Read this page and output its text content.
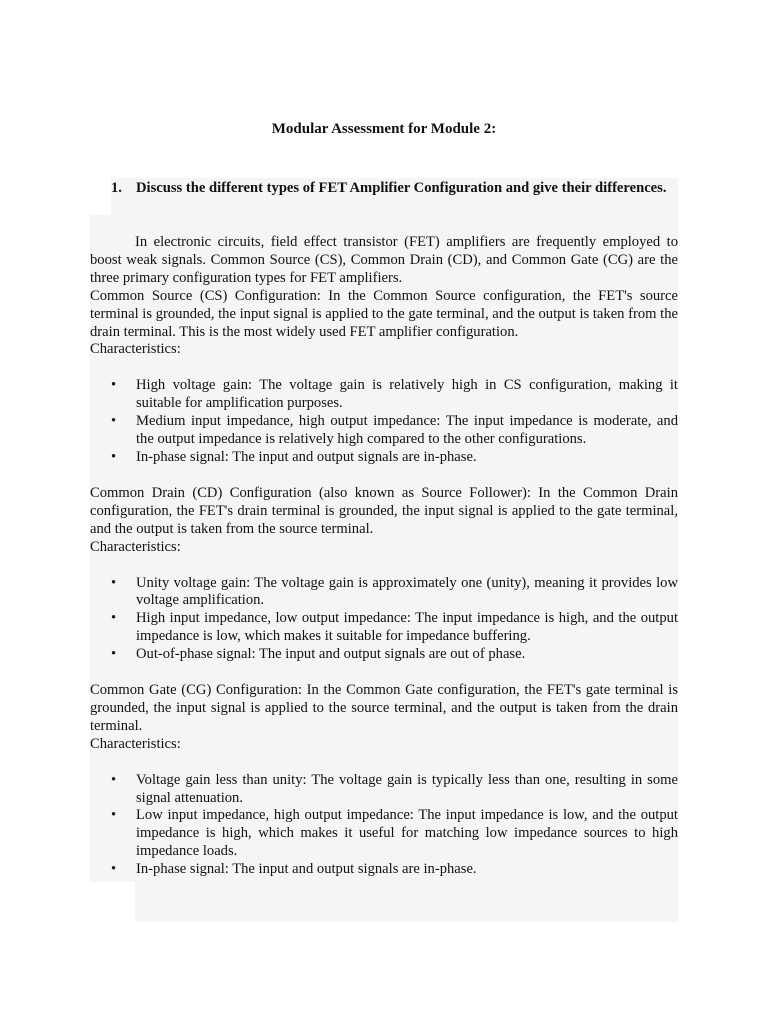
Modular Assessment for Module 2:
1. Discuss the different types of FET Amplifier Configuration and give their differences.

In electronic circuits, field effect transistor (FET) amplifiers are frequently employed to boost weak signals. Common Source (CS), Common Drain (CD), and Common Gate (CG) are the three primary configuration types for FET amplifiers.

Common Source (CS) Configuration: In the Common Source configuration, the FET's source terminal is grounded, the input signal is applied to the gate terminal, and the output is taken from the drain terminal. This is the most widely used FET amplifier configuration.

Characteristics:

• High voltage gain: The voltage gain is relatively high in CS configuration, making it suitable for amplification purposes.
• Medium input impedance, high output impedance: The input impedance is moderate, and the output impedance is relatively high compared to the other configurations.
• In-phase signal: The input and output signals are in-phase.

Common Drain (CD) Configuration (also known as Source Follower): In the Common Drain configuration, the FET's drain terminal is grounded, the input signal is applied to the gate terminal, and the output is taken from the source terminal.

Characteristics:

• Unity voltage gain: The voltage gain is approximately one (unity), meaning it provides low voltage amplification.
• High input impedance, low output impedance: The input impedance is high, and the output impedance is low, which makes it suitable for impedance buffering.
• Out-of-phase signal: The input and output signals are out of phase.

Common Gate (CG) Configuration: In the Common Gate configuration, the FET's gate terminal is grounded, the input signal is applied to the source terminal, and the output is taken from the drain terminal.

Characteristics:

• Voltage gain less than unity: The voltage gain is typically less than one, resulting in some signal attenuation.
• Low input impedance, high output impedance: The input impedance is low, and the output impedance is high, which makes it useful for matching low impedance sources to high impedance loads.
• In-phase signal: The input and output signals are in-phase.
